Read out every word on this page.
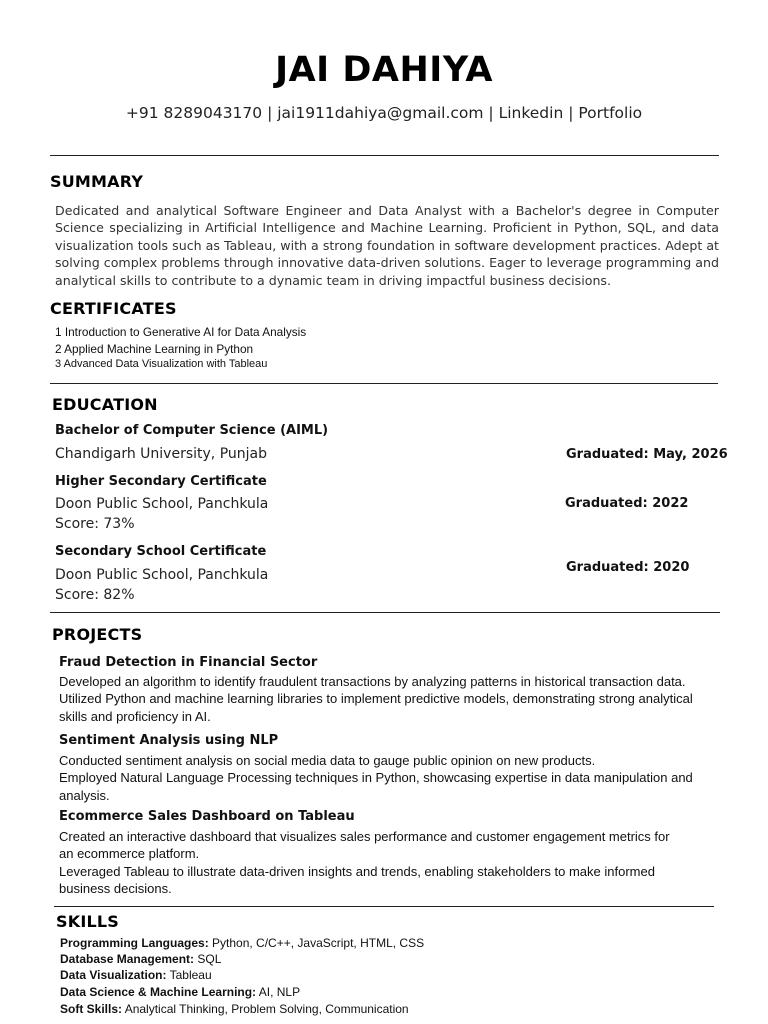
JAI DAHIYA
+91 8289043170 | jai1911dahiya@gmail.com | Linkedin | Portfolio
SUMMARY
Dedicated and analytical Software Engineer and Data Analyst with a Bachelor's degree in Computer Science specializing in Artificial Intelligence and Machine Learning. Proficient in Python, SQL, and data visualization tools such as Tableau, with a strong foundation in software development practices. Adept at solving complex problems through innovative data-driven solutions. Eager to leverage programming and analytical skills to contribute to a dynamic team in driving impactful business decisions.
CERTIFICATES
1 Introduction to Generative AI for Data Analysis
2 Applied Machine Learning in Python
3 Advanced Data Visualization with Tableau
EDUCATION
Bachelor of Computer Science (AIML)
Chandigarh University, Punjab	Graduated: May, 2026
Higher Secondary Certificate
Doon Public School, Panchkula
Score: 73%
Graduated: 2022
Secondary School Certificate
Doon Public School, Panchkula
Score: 82%
Graduated: 2020
PROJECTS
Fraud Detection in Financial Sector
Developed an algorithm to identify fraudulent transactions by analyzing patterns in historical transaction data.
Utilized Python and machine learning libraries to implement predictive models, demonstrating strong analytical
skills and proficiency in AI.
Sentiment Analysis using NLP
Conducted sentiment analysis on social media data to gauge public opinion on new products.
Employed Natural Language Processing techniques in Python, showcasing expertise in data manipulation and
analysis.
Ecommerce Sales Dashboard on Tableau
Created an interactive dashboard that visualizes sales performance and customer engagement metrics for
an ecommerce platform.
Leveraged Tableau to illustrate data-driven insights and trends, enabling stakeholders to make informed
business decisions.
SKILLS
Programming Languages: Python, C/C++, JavaScript, HTML, CSS
Database Management: SQL
Data Visualization: Tableau
Data Science & Machine Learning: AI, NLP
Soft Skills: Analytical Thinking, Problem Solving, Communication
